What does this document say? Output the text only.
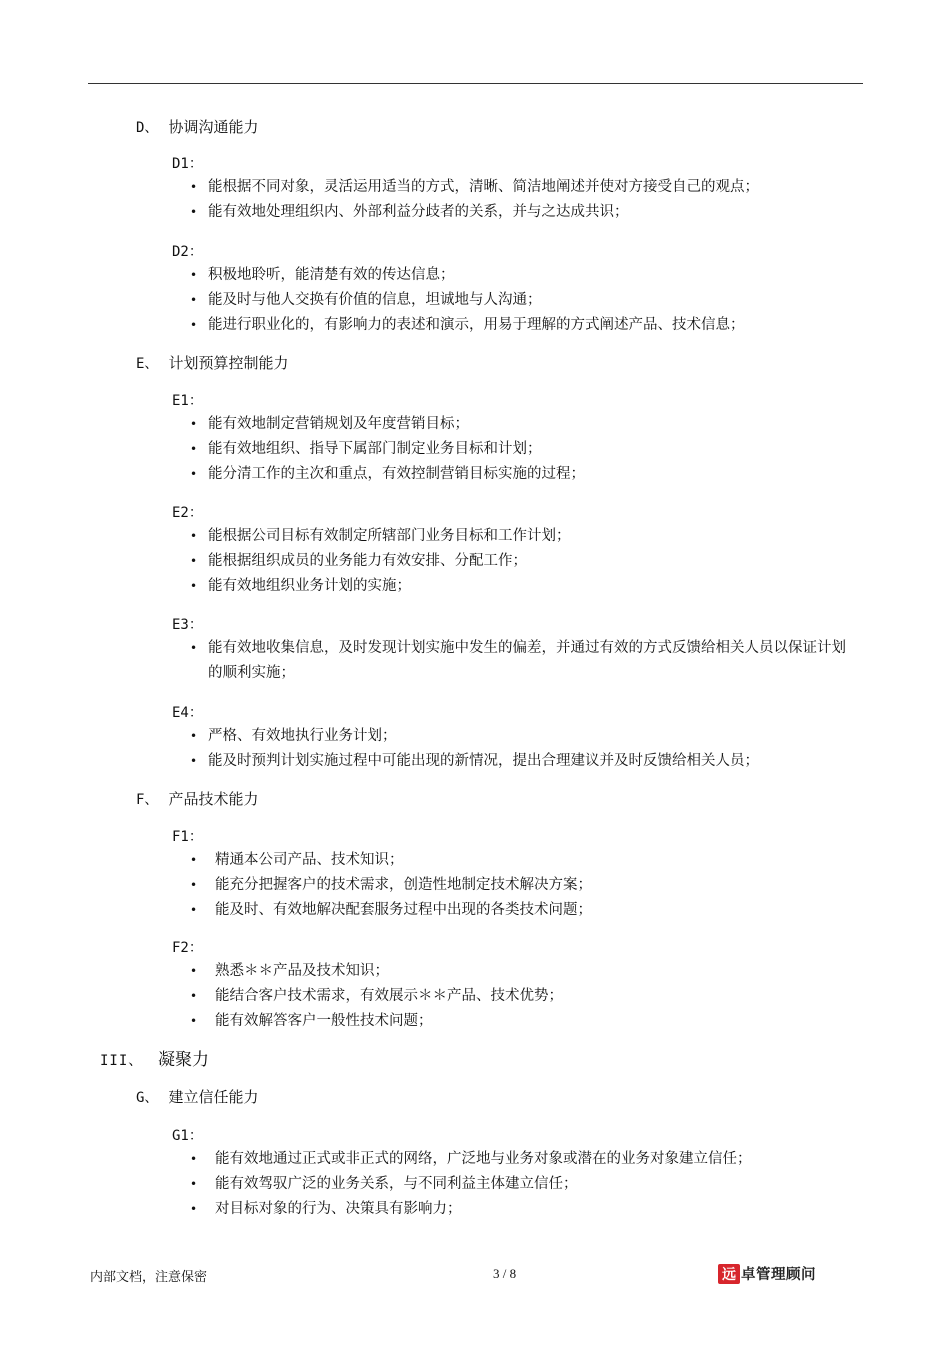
D、 协调沟通能力
D1：
• 能根据不同对象，灵活运用适当的方式，清晰、简洁地阐述并使对方接受自己的观点；
• 能有效地处理组织内、外部利益分歧者的关系，并与之达成共识；
D2：
• 积极地聆听，能清楚有效的传达信息；
• 能及时与他人交换有价值的信息，坦诚地与人沟通；
• 能进行职业化的，有影响力的表述和演示，用易于理解的方式阐述产品、技术信息；
E、 计划预算控制能力
E1：
• 能有效地制定营销规划及年度营销目标；
• 能有效地组织、指导下属部门制定业务目标和计划；
• 能分清工作的主次和重点，有效控制营销目标实施的过程；
E2：
• 能根据公司目标有效制定所辖部门业务目标和工作计划；
• 能根据组织成员的业务能力有效安排、分配工作；
• 能有效地组织业务计划的实施；
E3：
• 能有效地收集信息，及时发现计划实施中发生的偏差，并通过有效的方式反馈给相关人员以保证计划的顺利实施；
E4：
• 严格、有效地执行业务计划；
• 能及时预判计划实施过程中可能出现的新情况，提出合理建议并及时反馈给相关人员；
F、 产品技术能力
F1：
• 精通本公司产品、技术知识；
• 能充分把握客户的技术需求，创造性地制定技术解决方案；
• 能及时、有效地解决配套服务过程中出现的各类技术问题；
F2：
• 熟悉＊＊产品及技术知识；
• 能结合客户技术需求，有效展示＊＊产品、技术优势；
• 能有效解答客户一般性技术问题；
III、 凝聚力
G、 建立信任能力
G1：
• 能有效地通过正式或非正式的网络，广泛地与业务对象或潜在的业务对象建立信任；
• 能有效驾驭广泛的业务关系，与不同利益主体建立信任；
• 对目标对象的行为、决策具有影响力；
内部文档，注意保密	3 / 8	远 卓管理顾问
